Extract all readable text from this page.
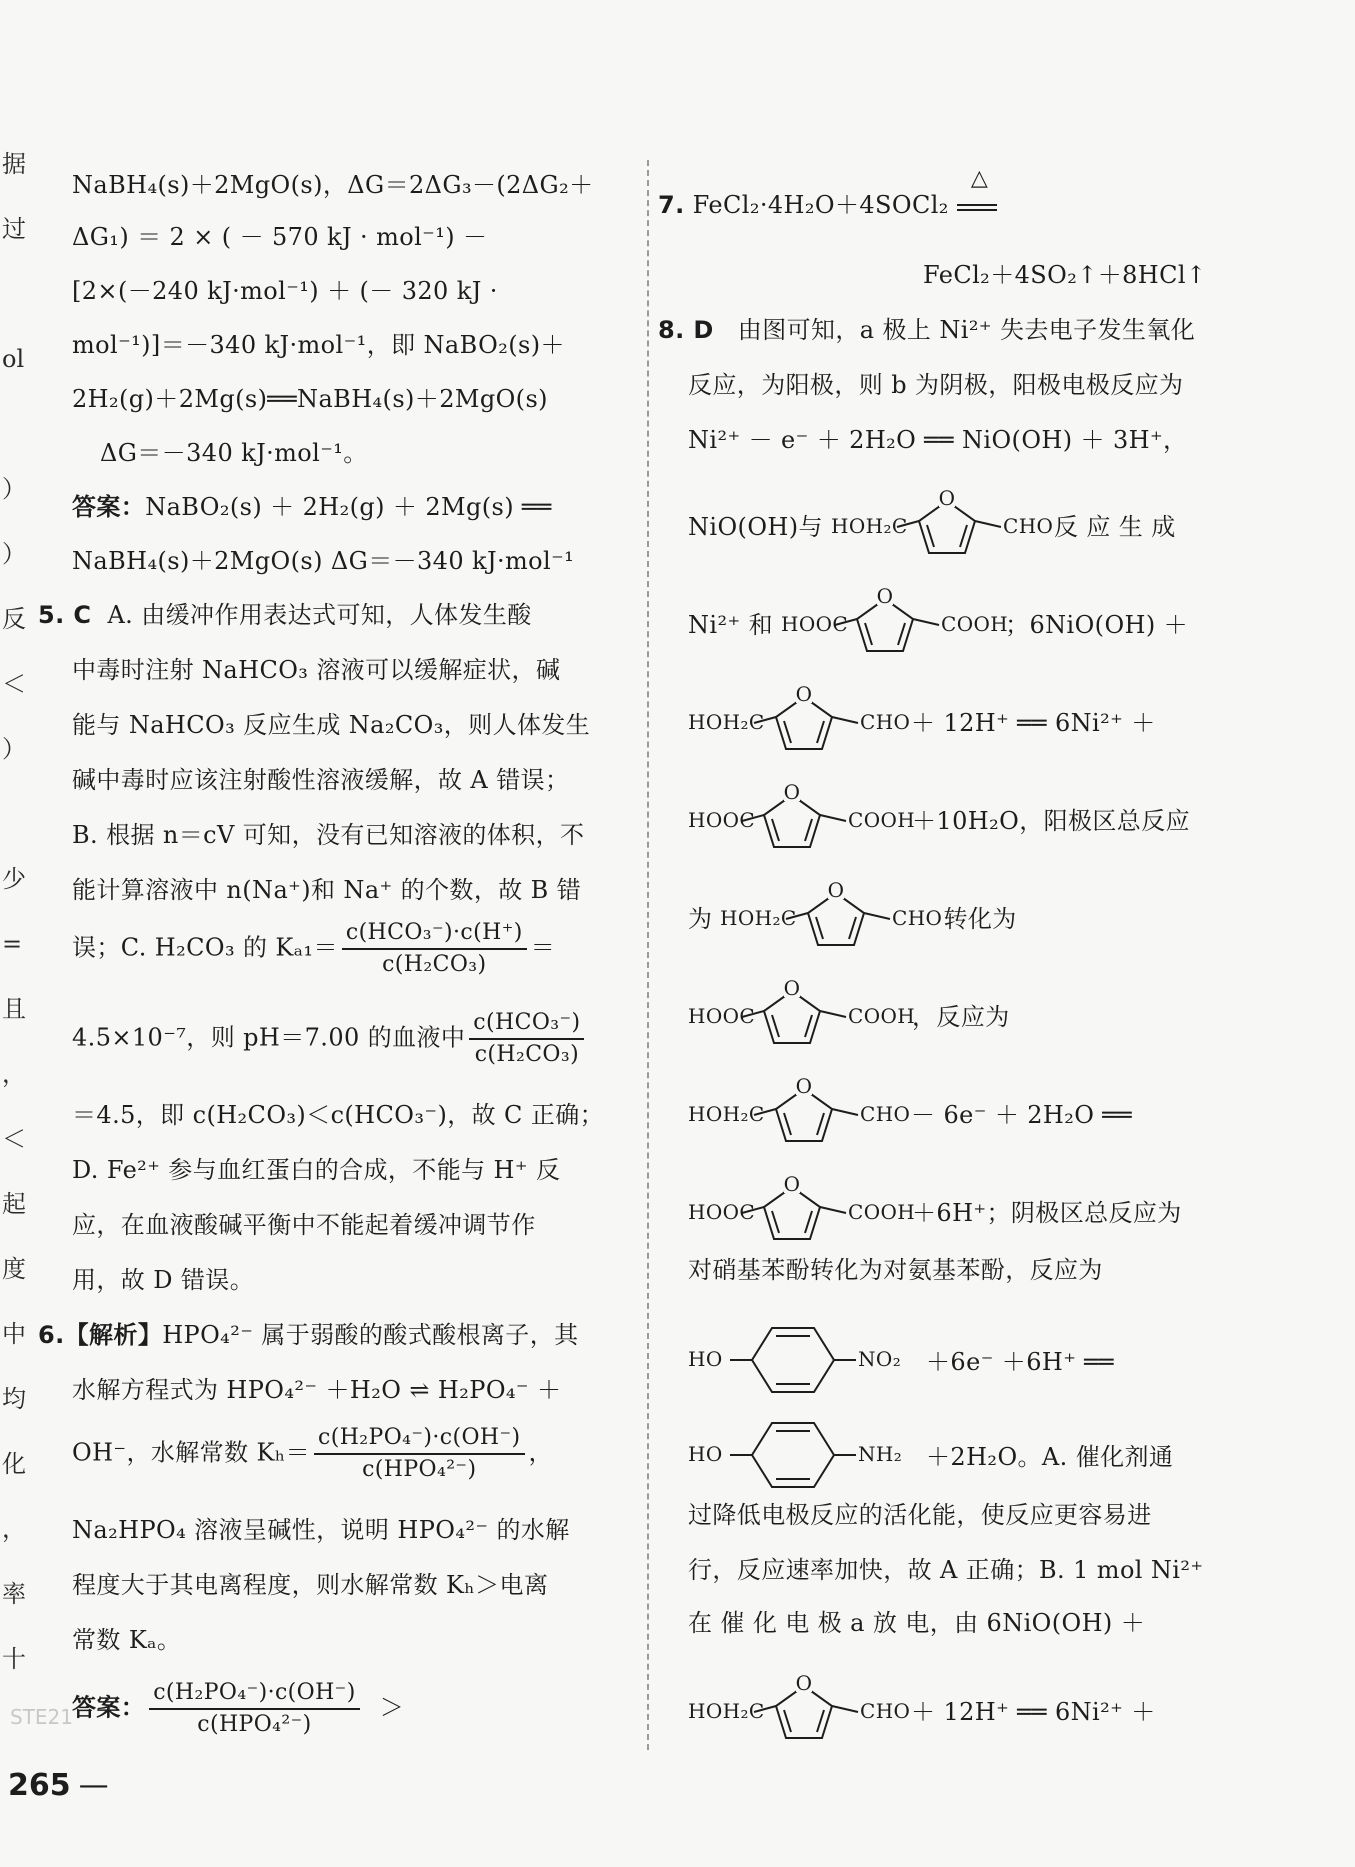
据
过
ol
）
）
反
＜
）
少
=
且
，
＜
起
度
中
均
化
，
率
十
NaBH₄(s)＋2MgO(s)，ΔG＝2ΔG₃－(2ΔG₂＋
ΔG₁) ＝ 2 × ( － 570 kJ · mol⁻¹) －
[2×(－240 kJ·mol⁻¹) ＋ (－ 320 kJ ·
mol⁻¹)]＝－340 kJ·mol⁻¹，即 NaBO₂(s)＋
2H₂(g)＋2Mg(s)══NaBH₄(s)＋2MgO(s)
ΔG＝－340 kJ·mol⁻¹。
答案：NaBO₂(s) ＋ 2H₂(g) ＋ 2Mg(s) ══
NaBH₄(s)＋2MgO(s) ΔG＝－340 kJ·mol⁻¹
5. C A. 由缓冲作用表达式可知，人体发生酸
中毒时注射 NaHCO₃ 溶液可以缓解症状，碱
能与 NaHCO₃ 反应生成 Na₂CO₃，则人体发生
碱中毒时应该注射酸性溶液缓解，故 A 错误；
B. 根据 n＝cV 可知，没有已知溶液的体积，不
能计算溶液中 n(Na⁺)和 Na⁺ 的个数，故 B 错
误；C. H₂CO₃ 的 $K_{a1}= \frac{\text{c(HCO₃⁻)·c(H⁺)}}{\text{c(H₂CO₃)}}$ ＝
4.5×10⁻⁷，则 pH＝7.00 的血液中 $\frac{\text{c(HCO₃⁻)}}{\text{c(H₂CO₃)}}$
＝4.5，即 c(H₂CO₃)＜c(HCO₃⁻)，故 C 正确；
D. Fe²⁺ 参与血红蛋白的合成，不能与 H⁺ 反
应，在血液酸碱平衡中不能起着缓冲调节作
用，故 D 错误。
6.【解析】HPO₄²⁻ 属于弱酸的酸式酸根离子，其
水解方程式为 HPO₄²⁻ ＋H₂O ⇌ H₂PO₄⁻ ＋
OH⁻，水解常数 $K_h= \frac{\text{c(H₂PO₄⁻)·c(OH⁻)}}{\text{c(HPO₄²⁻)}}$ ，
Na₂HPO₄ 溶液呈碱性，说明 HPO₄²⁻ 的水解
程度大于其电离程度，则水解常数 Kₕ＞电离
常数 Kₐ。
答案： $\frac{\text{c(H₂PO₄⁻)·c(OH⁻)}}{\text{c(HPO₄²⁻)}}$ ＞
7. FeCl₂·4H₂O＋4SOCl₂
△
FeCl₂＋4SO₂↑＋8HCl↑
8. D 由图可知，a 极上 Ni²⁺ 失去电子发生氧化
反应，为阳极，则 b 为阴极，阳极电极反应为
Ni²⁺ － e⁻ ＋ 2H₂O ══ NiO(OH) ＋ 3H⁺，
NiO(OH)与 HOH₂C
O
CHO 反 应 生 成
Ni²⁺ 和 HOOC
O
COOH
；6NiO(OH) ＋
HOH₂C
O
CHO ＋ 12H⁺ ══ 6Ni²⁺ ＋
HOOC
O
COOH
＋10H₂O，阳极区总反应
为 HOH₂C
O
CHO 转化为
HOOC
O
COOH
，反应为
HOH₂C
O
CHO － 6e⁻ ＋ 2H₂O ══
HOOC
O
COOH
＋6H⁺；阴极区总反应为
对硝基苯酚转化为对氨基苯酚，反应为
HO	NO₂ ＋6e⁻ ＋6H⁺ ══
HO	NH₂ ＋2H₂O。A. 催化剂通
过降低电极反应的活化能，使反应更容易进
行，反应速率加快，故 A 正确；B. 1 mol Ni²⁺
在 催 化 电 极 a 放 电，由 6NiO(OH) ＋
HOH₂C
O
CHO ＋ 12H⁺ ══ 6Ni²⁺ ＋
STE21
265 —
